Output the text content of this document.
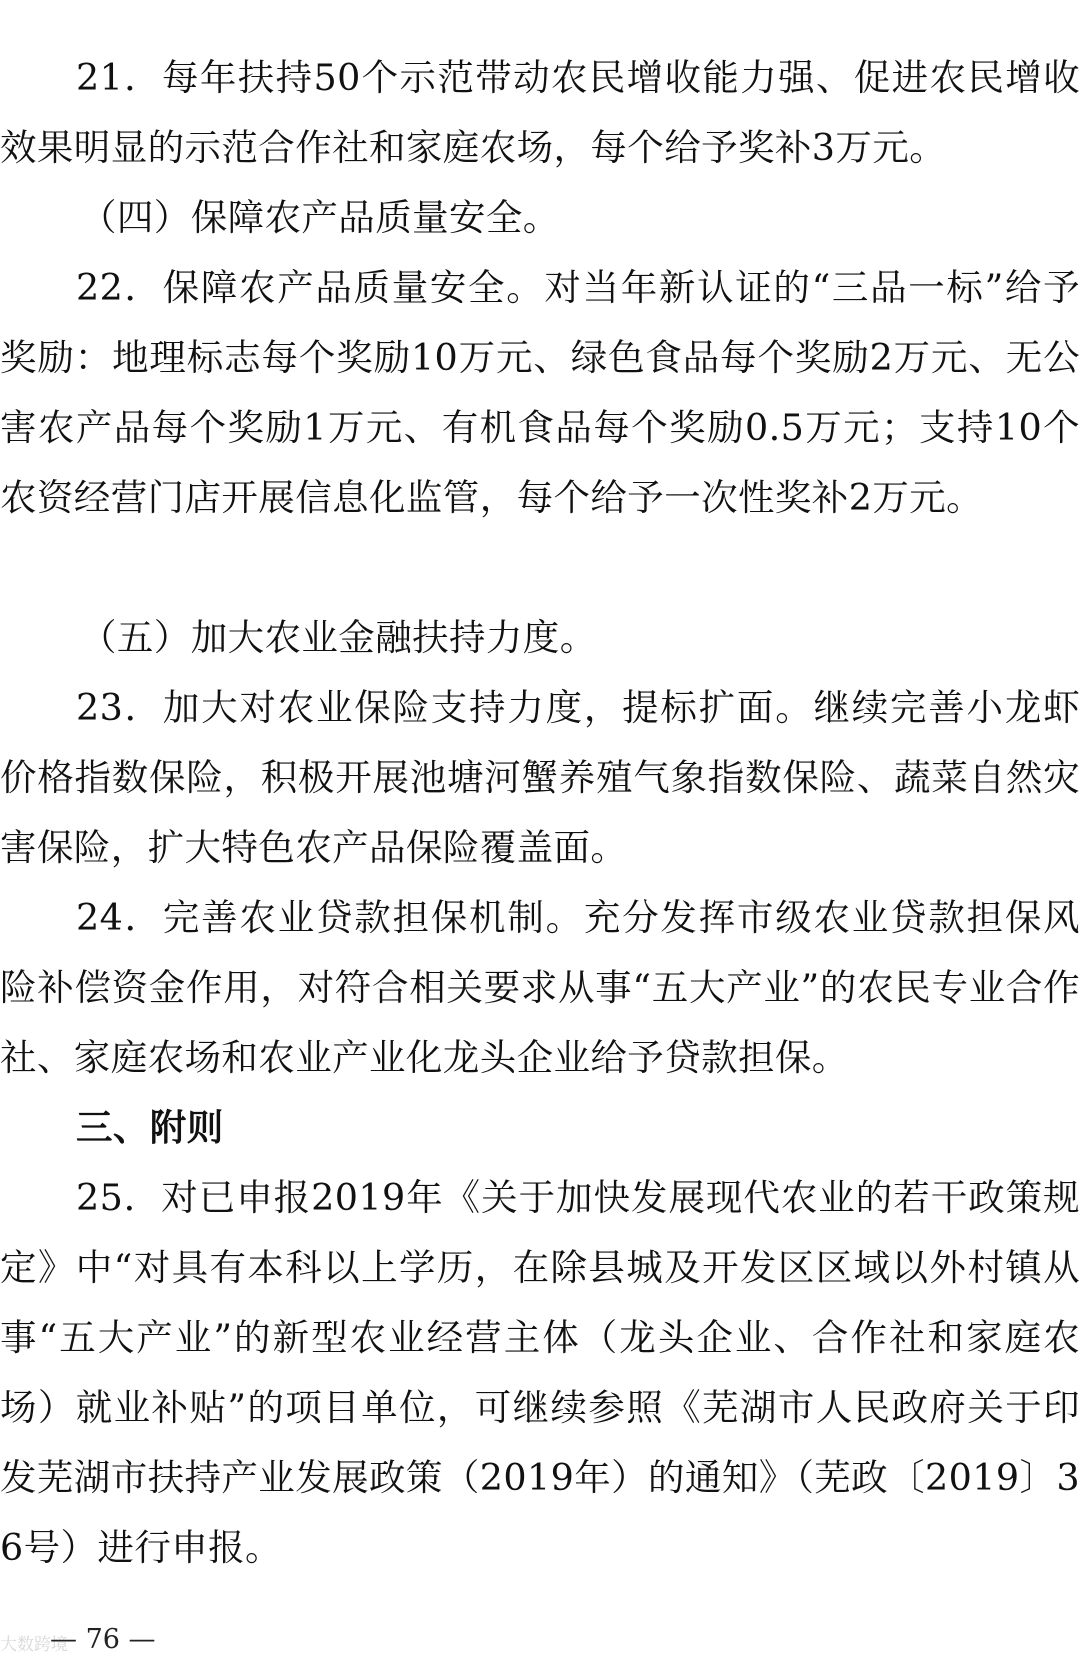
21．每年扶持50个示范带动农民增收能力强、促进农民增收效果明显的示范合作社和家庭农场，每个给予奖补3万元。

（四）保障农产品质量安全。

22．保障农产品质量安全。对当年新认证的“三品一标”给予奖励：地理标志每个奖励10万元、绿色食品每个奖励2万元、无公害农产品每个奖励1万元、有机食品每个奖励0.5万元；支持10个农资经营门店开展信息化监管，每个给予一次性奖补2万元。

（五）加大农业金融扶持力度。

23．加大对农业保险支持力度，提标扩面。继续完善小龙虾价格指数保险，积极开展池塘河蟹养殖气象指数保险、蔬菜自然灾害保险，扩大特色农产品保险覆盖面。

24．完善农业贷款担保机制。充分发挥市级农业贷款担保风险补偿资金作用，对符合相关要求从事“五大产业”的农民专业合作社、家庭农场和农业产业化龙头企业给予贷款担保。

三、附则

25．对已申报2019年《关于加快发展现代农业的若干政策规定》中“对具有本科以上学历，在除县城及开发区区域以外村镇从事“五大产业”的新型农业经营主体（龙头企业、合作社和家庭农场）就业补贴”的项目单位，可继续参照《芜湖市人民政府关于印发芜湖市扶持产业发展政策（2019年）的通知》（芜政〔2019〕36号）进行申报。

大数跨境
— 76 —
